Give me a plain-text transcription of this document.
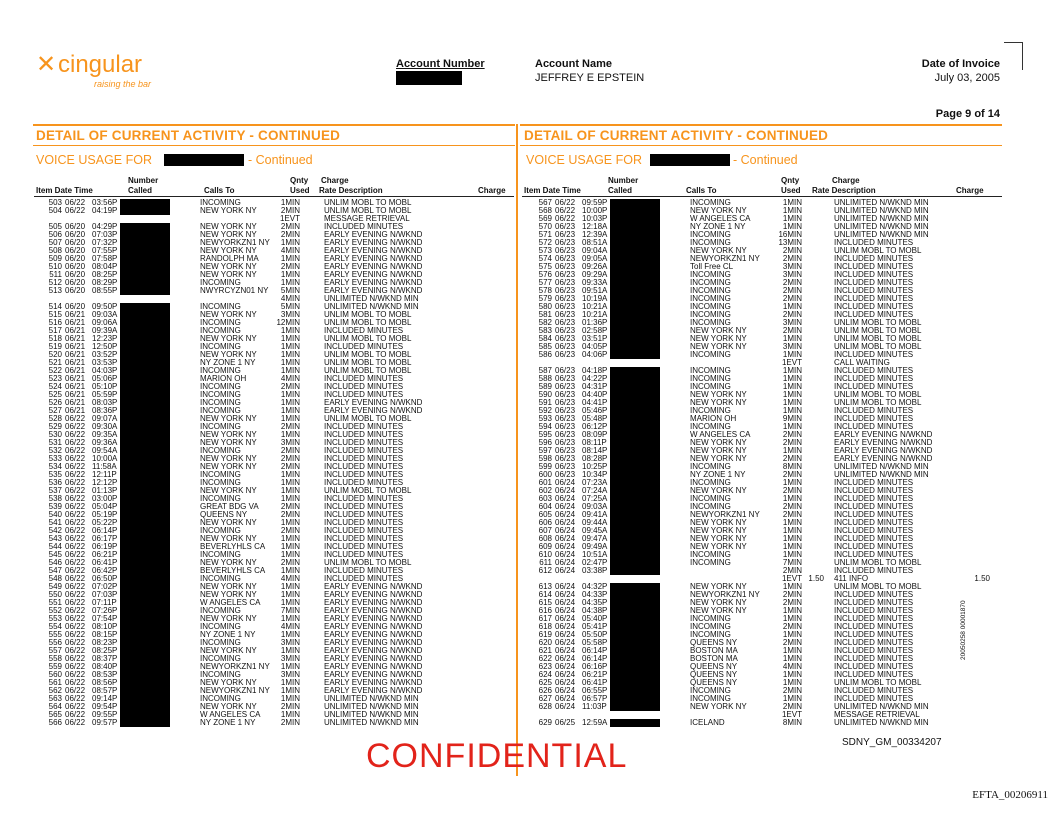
✕ cingular
raising the bar
Account Number	Account Name
JEFFREY E EPSTEIN
Date of Invoice
July 03, 2005
Page 9 of 14
DETAIL OF CURRENT ACTIVITY - CONTINUED	DETAIL OF CURRENT ACTIVITY - CONTINUED
VOICE USAGE FOR	- Continued	VOICE USAGE FOR	- Continued
Number	Charge
Qnty
Item Date Time	Called	Calls To	Used Rate Description	Charge
Number	Charge
Qnty
Item Date Time	Called	Calls To	Used Rate Description	Charge
503	06/22	03:56P		INCOMING	1MIN		UNLIM MOBL TO MOBL	
504	06/22	04:19P		NEW YORK NY	2MIN		UNLIM MOBL TO MOBL	
					1EVT		MESSAGE RETRIEVAL	
505	06/20	04:29P		NEW YORK NY	2MIN		INCLUDED MINUTES	
506	06/20	07:03P		NEW YORK NY	2MIN		EARLY EVENING N/WKND	
507	06/20	07:32P		NEWYORKZN1 NY	1MIN		EARLY EVENING N/WKND	
508	06/20	07:55P		NEW YORK NY	4MIN		EARLY EVENING N/WKND	
509	06/20	07:58P		RANDOLPH MA	1MIN		EARLY EVENING N/WKND	
510	06/20	08:04P		NEW YORK NY	2MIN		EARLY EVENING N/WKND	
511	06/20	08:25P		NEW YORK NY	1MIN		EARLY EVENING N/WKND	
512	06/20	08:29P		INCOMING	1MIN		EARLY EVENING N/WKND	
513	06/20	08:55P		NWYRCYZN01 NY	5MIN		EARLY EVENING N/WKND	
					4MIN		UNLIMITED N/WKND MIN	
514	06/20	09:50P		INCOMING	5MIN		UNLIMITED N/WKND MIN	
515	06/21	09:03A		NEW YORK NY	3MIN		UNLIM MOBL TO MOBL	
516	06/21	09:06A		INCOMING	12MIN		UNLIM MOBL TO MOBL	
517	06/21	09:39A		INCOMING	1MIN		INCLUDED MINUTES	
518	06/21	12:23P		NEW YORK NY	1MIN		UNLIM MOBL TO MOBL	
519	06/21	12:50P		INCOMING	1MIN		INCLUDED MINUTES	
520	06/21	03:52P		NEW YORK NY	1MIN		UNLIM MOBL TO MOBL	
521	06/21	03:53P		NY ZONE 1 NY	1MIN		UNLIM MOBL TO MOBL	
522	06/21	04:03P		INCOMING	1MIN		UNLIM MOBL TO MOBL	
523	06/21	05:06P		MARION OH	4MIN		INCLUDED MINUTES	
524	06/21	05:10P		INCOMING	2MIN		INCLUDED MINUTES	
525	06/21	05:59P		INCOMING	1MIN		INCLUDED MINUTES	
526	06/21	08:03P		INCOMING	1MIN		EARLY EVENING N/WKND	
527	06/21	08:36P		INCOMING	1MIN		EARLY EVENING N/WKND	
528	06/22	09:07A		NEW YORK NY	1MIN		UNLIM MOBL TO MOBL	
529	06/22	09:30A		INCOMING	2MIN		INCLUDED MINUTES	
530	06/22	09:35A		NEW YORK NY	1MIN		INCLUDED MINUTES	
531	06/22	09:36A		NEW YORK NY	3MIN		INCLUDED MINUTES	
532	06/22	09:54A		INCOMING	2MIN		INCLUDED MINUTES	
533	06/22	10:00A		NEW YORK NY	2MIN		INCLUDED MINUTES	
534	06/22	11:58A		NEW YORK NY	2MIN		INCLUDED MINUTES	
535	06/22	12:11P		INCOMING	1MIN		INCLUDED MINUTES	
536	06/22	12:12P		INCOMING	1MIN		INCLUDED MINUTES	
537	06/22	01:13P		NEW YORK NY	1MIN		UNLIM MOBL TO MOBL	
538	06/22	03:00P		INCOMING	1MIN		INCLUDED MINUTES	
539	06/22	05:04P		GREAT BDG VA	2MIN		INCLUDED MINUTES	
540	06/22	05:19P		QUEENS NY	2MIN		INCLUDED MINUTES	
541	06/22	05:22P		NEW YORK NY	1MIN		INCLUDED MINUTES	
542	06/22	06:14P		INCOMING	2MIN		INCLUDED MINUTES	
543	06/22	06:17P		NEW YORK NY	1MIN		INCLUDED MINUTES	
544	06/22	06:19P		BEVERLYHLS CA	1MIN		INCLUDED MINUTES	
545	06/22	06:21P		INCOMING	1MIN		INCLUDED MINUTES	
546	06/22	06:41P		NEW YORK NY	2MIN		UNLIM MOBL TO MOBL	
547	06/22	06:42P		BEVERLYHLS CA	1MIN		INCLUDED MINUTES	
548	06/22	06:50P		INCOMING	4MIN		INCLUDED MINUTES	
549	06/22	07:02P		NEW YORK NY	1MIN		EARLY EVENING N/WKND	
550	06/22	07:03P		NEW YORK NY	1MIN		EARLY EVENING N/WKND	
551	06/22	07:11P		W ANGELES CA	1MIN		EARLY EVENING N/WKND	
552	06/22	07:26P		INCOMING	7MIN		EARLY EVENING N/WKND	
553	06/22	07:54P		NEW YORK NY	1MIN		EARLY EVENING N/WKND	
554	06/22	08:10P		INCOMING	4MIN		EARLY EVENING N/WKND	
555	06/22	08:15P		NY ZONE 1 NY	1MIN		EARLY EVENING N/WKND	
556	06/22	08:23P		INCOMING	3MIN		EARLY EVENING N/WKND	
557	06/22	08:25P		NEW YORK NY	1MIN		EARLY EVENING N/WKND	
558	06/22	08:37P		INCOMING	3MIN		EARLY EVENING N/WKND	
559	06/22	08:40P		NEWYORKZN1 NY	1MIN		EARLY EVENING N/WKND	
560	06/22	08:53P		INCOMING	3MIN		EARLY EVENING N/WKND	
561	06/22	08:56P		NEW YORK NY	1MIN		EARLY EVENING N/WKND	
562	06/22	08:57P		NEWYORKZN1 NY	1MIN		EARLY EVENING N/WKND	
563	06/22	09:14P		INCOMING	1MIN		UNLIMITED N/WKND MIN	
564	06/22	09:54P		NEW YORK NY	2MIN		UNLIMITED N/WKND MIN	
565	06/22	09:55P		W ANGELES CA	1MIN		UNLIMITED N/WKND MIN	
566	06/22	09:57P		NY ZONE 1 NY	2MIN		UNLIMITED N/WKND MIN	
567	06/22	09:59P		INCOMING	1MIN		UNLIMITED N/WKND MIN	
568	06/22	10:00P		NEW YORK NY	1MIN		UNLIMITED N/WKND MIN	
569	06/22	10:03P		W ANGELES CA	1MIN		UNLIMITED N/WKND MIN	
570	06/23	12:18A		NY ZONE 1 NY	1MIN		UNLIMITED N/WKND MIN	
571	06/23	12:39A		INCOMING	16MIN		UNLIMITED N/WKND MIN	
572	06/23	08:51A		INCOMING	13MIN		INCLUDED MINUTES	
573	06/23	09:04A		NEW YORK NY	2MIN		UNLIM MOBL TO MOBL	
574	06/23	09:05A		NEWYORKZN1 NY	2MIN		INCLUDED MINUTES	
575	06/23	09:26A		Toll Free CL	3MIN		INCLUDED MINUTES	
576	06/23	09:29A		INCOMING	3MIN		INCLUDED MINUTES	
577	06/23	09:33A		INCOMING	2MIN		INCLUDED MINUTES	
578	06/23	09:51A		INCOMING	2MIN		INCLUDED MINUTES	
579	06/23	10:19A		INCOMING	2MIN		INCLUDED MINUTES	
580	06/23	10:21A		INCOMING	1MIN		INCLUDED MINUTES	
581	06/23	10:21A		INCOMING	2MIN		INCLUDED MINUTES	
582	06/23	01:36P		INCOMING	3MIN		UNLIM MOBL TO MOBL	
583	06/23	02:58P		NEW YORK NY	2MIN		UNLIM MOBL TO MOBL	
584	06/23	03:51P		NEW YORK NY	1MIN		UNLIM MOBL TO MOBL	
585	06/23	04:05P		NEW YORK NY	3MIN		UNLIM MOBL TO MOBL	
586	06/23	04:06P		INCOMING	1MIN		INCLUDED MINUTES	
					1EVT		CALL WAITING	
587	06/23	04:18P		INCOMING	1MIN		INCLUDED MINUTES	
588	06/23	04:22P		INCOMING	1MIN		INCLUDED MINUTES	
589	06/23	04:31P		INCOMING	1MIN		INCLUDED MINUTES	
590	06/23	04:40P		NEW YORK NY	1MIN		UNLIM MOBL TO MOBL	
591	06/23	04:41P		NEW YORK NY	1MIN		UNLIM MOBL TO MOBL	
592	06/23	05:46P		INCOMING	1MIN		INCLUDED MINUTES	
593	06/23	05:48P		MARION OH	9MIN		INCLUDED MINUTES	
594	06/23	06:12P		INCOMING	1MIN		INCLUDED MINUTES	
595	06/23	08:09P		W ANGELES CA	2MIN		EARLY EVENING N/WKND	
596	06/23	08:11P		NEW YORK NY	2MIN		EARLY EVENING N/WKND	
597	06/23	08:14P		NEW YORK NY	1MIN		EARLY EVENING N/WKND	
598	06/23	08:28P		NEW YORK NY	2MIN		EARLY EVENING N/WKND	
599	06/23	10:25P		INCOMING	8MIN		UNLIMITED N/WKND MIN	
600	06/23	10:34P		NY ZONE 1 NY	2MIN		UNLIMITED N/WKND MIN	
601	06/24	07:23A		INCOMING	1MIN		INCLUDED MINUTES	
602	06/24	07:24A		NEW YORK NY	2MIN		INCLUDED MINUTES	
603	06/24	07:25A		INCOMING	1MIN		INCLUDED MINUTES	
604	06/24	09:03A		INCOMING	2MIN		INCLUDED MINUTES	
605	06/24	09:41A		NEWYORKZN1 NY	2MIN		INCLUDED MINUTES	
606	06/24	09:44A		NEW YORK NY	1MIN		INCLUDED MINUTES	
607	06/24	09:45A		NEW YORK NY	1MIN		INCLUDED MINUTES	
608	06/24	09:47A		NEW YORK NY	1MIN		INCLUDED MINUTES	
609	06/24	09:49A		NEW YORK NY	1MIN		INCLUDED MINUTES	
610	06/24	10:51A		INCOMING	1MIN		INCLUDED MINUTES	
611	06/24	02:47P		INCOMING	7MIN		UNLIM MOBL TO MOBL	
612	06/24	03:38P			2MIN		INCLUDED MINUTES	
					1EVT	1.50	411 INFO	1.50
613	06/24	04:32P		NEW YORK NY	1MIN		UNLIM MOBL TO MOBL	
614	06/24	04:33P		NEWYORKZN1 NY	2MIN		INCLUDED MINUTES	
615	06/24	04:35P		NEW YORK NY	2MIN		INCLUDED MINUTES	
616	06/24	04:38P		NEW YORK NY	1MIN		INCLUDED MINUTES	
617	06/24	05:40P		INCOMING	1MIN		INCLUDED MINUTES	
618	06/24	05:41P		INCOMING	2MIN		INCLUDED MINUTES	
619	06/24	05:50P		INCOMING	1MIN		INCLUDED MINUTES	
620	06/24	05:58P		QUEENS NY	2MIN		INCLUDED MINUTES	
621	06/24	06:14P		BOSTON MA	1MIN		INCLUDED MINUTES	
622	06/24	06:14P		BOSTON MA	1MIN		INCLUDED MINUTES	
623	06/24	06:16P		QUEENS NY	4MIN		INCLUDED MINUTES	
624	06/24	06:21P		QUEENS NY	1MIN		INCLUDED MINUTES	
625	06/24	06:41P		QUEENS NY	1MIN		UNLIM MOBL TO MOBL	
626	06/24	06:55P		INCOMING	2MIN		INCLUDED MINUTES	
627	06/24	06:57P		INCOMING	1MIN		INCLUDED MINUTES	
628	06/24	11:03P		NEW YORK NY	2MIN		UNLIMITED N/WKND MIN	
					1EVT		MESSAGE RETRIEVAL	
629	06/25	12:59A		ICELAND	8MIN		UNLIMITED N/WKND MIN	
SDNY_GM_00334207
CONFIDENTIAL
EFTA_00206911
20050258 00001870
